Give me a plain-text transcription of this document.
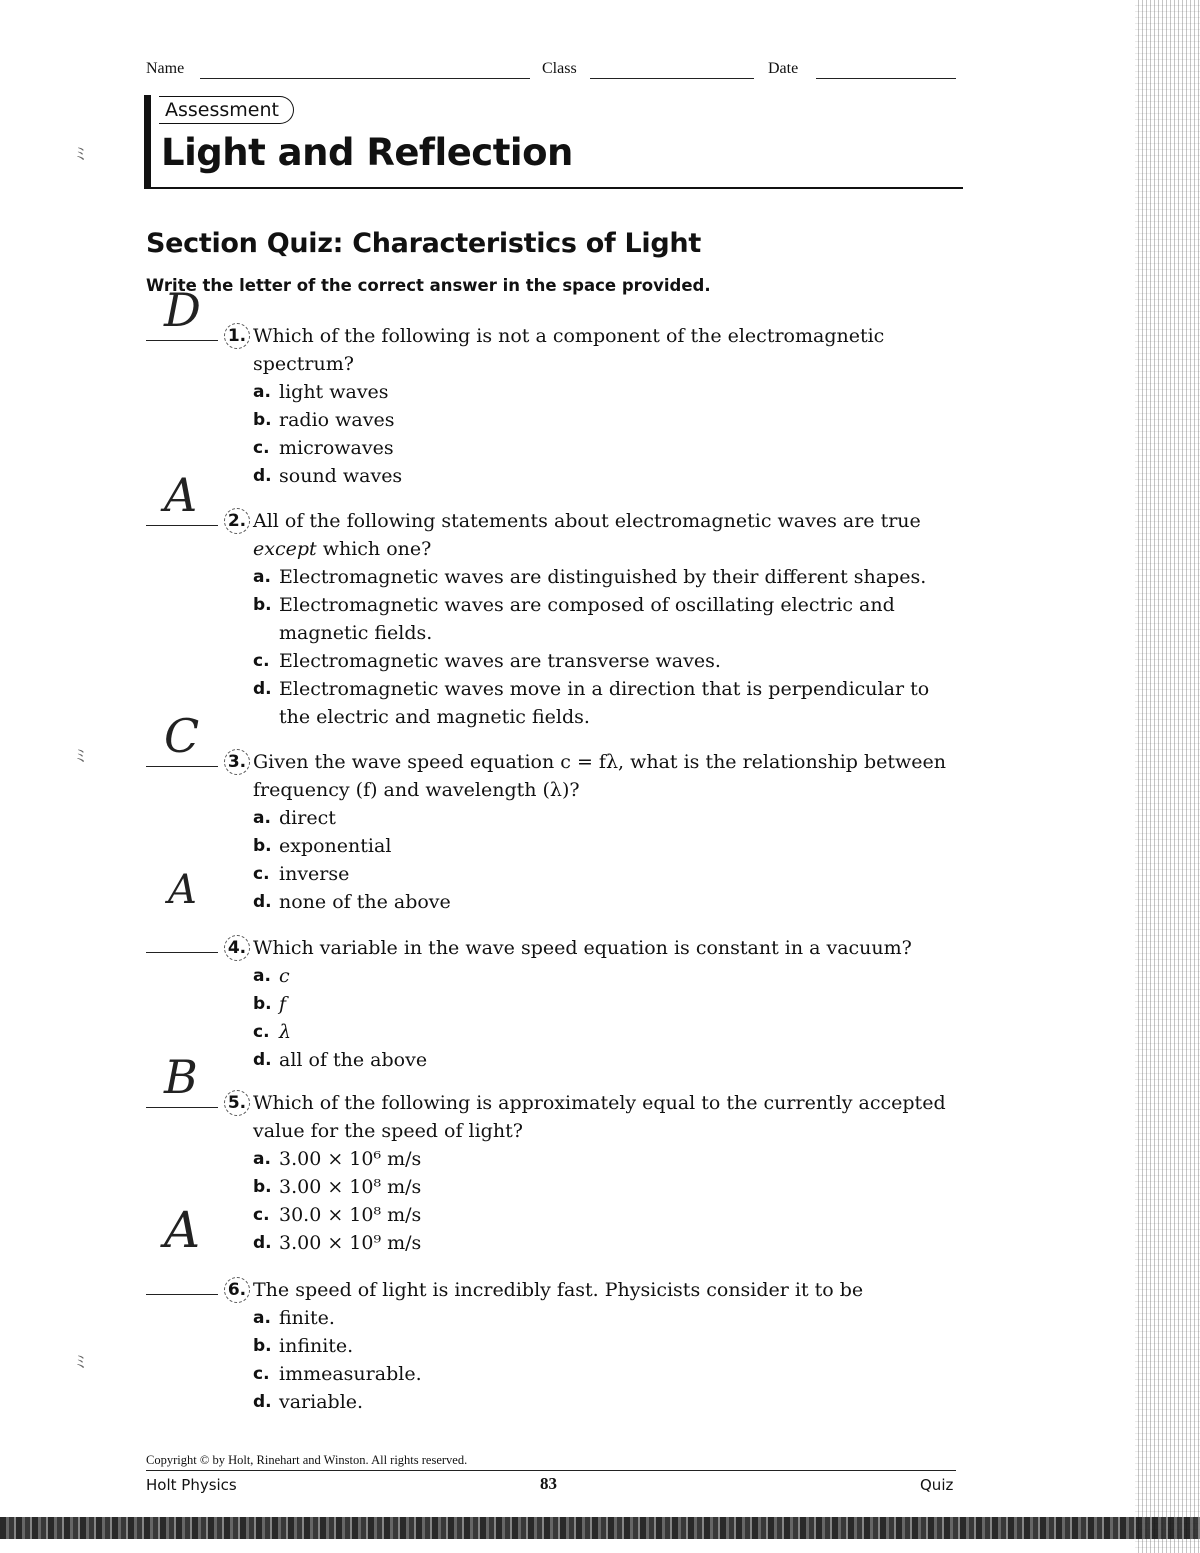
ﾐ
ﾐ
ﾐ
Name	Class	Date
Assessment
Light and Reflection
Section Quiz: Characteristics of Light

Write the letter of the correct answer in the space provided.

D 1. Which of the following is not a component of the electromagnetic spectrum?
a. light waves
b. radio waves
c. microwaves
d. sound waves
A 2. All of the following statements about electromagnetic waves are true except which one?
a. Electromagnetic waves are distinguished by their different shapes.
b. Electromagnetic waves are composed of oscillating electric and magnetic fields.
c. Electromagnetic waves are transverse waves.
d. Electromagnetic waves move in a direction that is perpendicular to the electric and magnetic fields.
C 3. Given the wave speed equation c = fλ, what is the relationship between frequency (f) and wavelength (λ)?
a. direct
b. exponential
c. inverse
d. none of the above
A
4. Which variable in the wave speed equation is constant in a vacuum?
a. c
b. f
c. λ
d. all of the above
B 5. Which of the following is approximately equal to the currently accepted value for the speed of light?
a. 3.00 × 10⁶ m/s
b. 3.00 × 10⁸ m/s
c. 30.0 × 10⁸ m/s
d. 3.00 × 10⁹ m/s
A
6. The speed of light is incredibly fast. Physicists consider it to be
a. finite.
b. infinite.
c. immeasurable.
d. variable.
Copyright © by Holt, Rinehart and Winston. All rights reserved.
Holt Physics	83	Quiz
